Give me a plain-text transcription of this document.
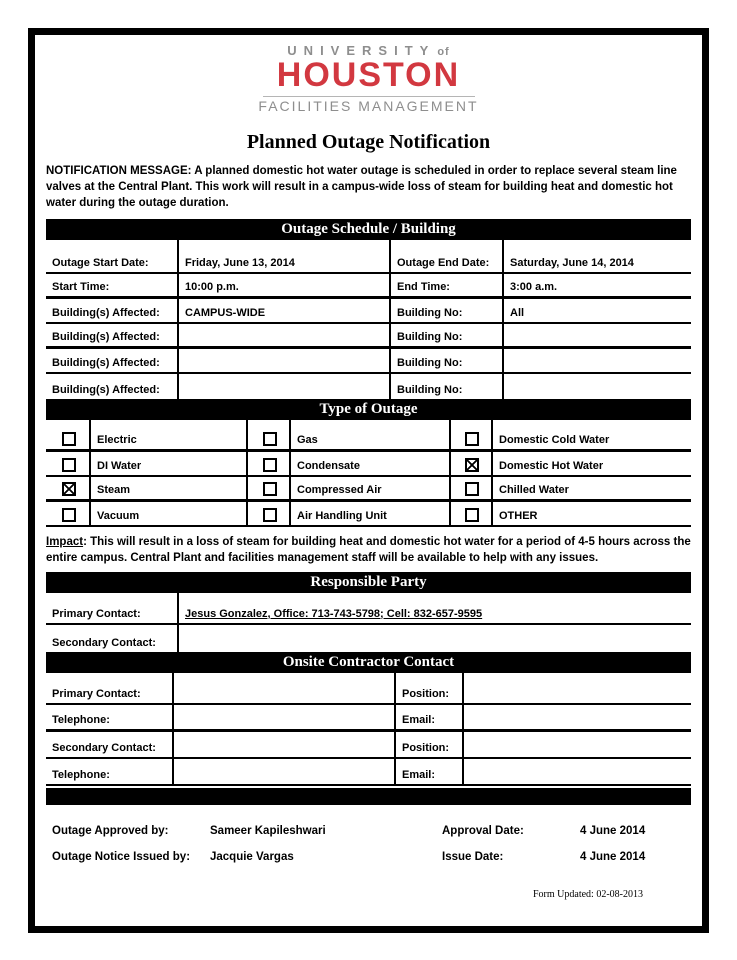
UNIVERSITY of
HOUSTON
FACILITIES MANAGEMENT
Planned Outage Notification

NOTIFICATION MESSAGE: A planned domestic hot water outage is scheduled in order to replace several steam line valves at the Central Plant. This work will result in a campus-wide loss of steam for building heat and domestic hot water during the outage duration.

Outage Schedule / Building
Outage Start Date:	Friday, June 13, 2014	Outage End Date:	Saturday, June 14, 2014
Start Time:	10:00 p.m.	End Time:	3:00 a.m.
Building(s) Affected:	CAMPUS-WIDE	Building No:	All
Building(s) Affected:	Building No:
Building(s) Affected:	Building No:
Building(s) Affected:	Building No:
Type of Outage
Electric	Gas	Domestic Cold Water
DI Water	Condensate	Domestic Hot Water
Steam	Compressed Air	Chilled Water
Vacuum	Air Handling Unit	OTHER

Impact: This will result in a loss of steam for building heat and domestic hot water for a period of 4-5 hours across the entire campus. Central Plant and facilities management staff will be available to help with any issues.

Responsible Party
Primary Contact:	Jesus Gonzalez, Office: 713-743-5798; Cell: 832-657-9595
Secondary Contact:
Onsite Contractor Contact
Primary Contact:	Position:
Telephone:	Email:
Secondary Contact:	Position:
Telephone:	Email:
Outage Approved by:	Sameer Kapileshwari	Approval Date:	4 June 2014
Outage Notice Issued by:	Jacquie Vargas	Issue Date:	4 June 2014
Form Updated: 02-08-2013
